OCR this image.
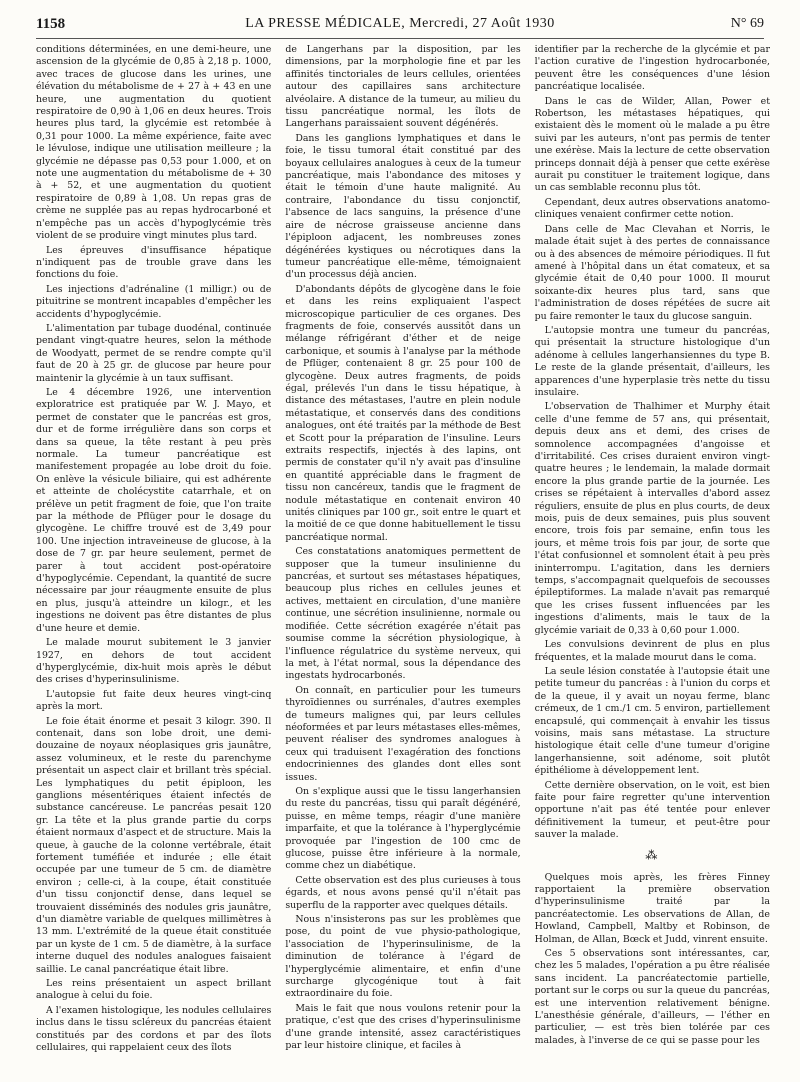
1158	LA PRESSE MÉDICALE, Mercredi, 27 Août 1930	N° 69

conditions déterminées, en une demi-heure, une ascension de la glycémie de 0,85 à 2,18 p. 1000, avec traces de glucose dans les urines, une élévation du métabolisme de + 27 à + 43 en une heure, une augmentation du quotient respiratoire de 0,90 à 1,06 en deux heures. Trois heures plus tard, la glycémie est retombée à 0,31 pour 1000. La même expérience, faite avec le lévulose, indique une utilisation meilleure ; la glycémie ne dépasse pas 0,53 pour 1.000, et on note une augmentation du métabolisme de + 30 à + 52, et une augmentation du quotient respiratoire de 0,89 à 1,08. Un repas gras de crème ne supplée pas au repas hydrocarboné et n'empêche pas un accès d'hypoglycémie très violent de se produire vingt minutes plus tard.

Les épreuves d'insuffisance hépatique n'indiquent pas de trouble grave dans les fonctions du foie.

Les injections d'adrénaline (1 milligr.) ou de pituitrine se montrent incapables d'empêcher les accidents d'hypoglycémie.

L'alimentation par tubage duodénal, continuée pendant vingt-quatre heures, selon la méthode de Woodyatt, permet de se rendre compte qu'il faut de 20 à 25 gr. de glucose par heure pour maintenir la glycémie à un taux suffisant.

Le 4 décembre 1926, une intervention exploratrice est pratiquée par W. J. Mayo, et permet de constater que le pancréas est gros, dur et de forme irrégulière dans son corps et dans sa queue, la tête restant à peu près normale. La tumeur pancréatique est manifestement propagée au lobe droit du foie. On enlève la vésicule biliaire, qui est adhérente et atteinte de cholécystite catarrhale, et on prélève un petit fragment de foie, que l'on traite par la méthode de Pflüger pour le dosage du glycogène. Le chiffre trouvé est de 3,49 pour 100. Une injection intraveineuse de glucose, à la dose de 7 gr. par heure seulement, permet de parer à tout accident post-opératoire d'hypoglycémie. Cependant, la quantité de sucre nécessaire par jour réaugmente ensuite de plus en plus, jusqu'à atteindre un kilogr., et les ingestions ne doivent pas être distantes de plus d'une heure et demie.

Le malade mourut subitement le 3 janvier 1927, en dehors de tout accident d'hyperglycémie, dix-huit mois après le début des crises d'hyperinsulinisme.

L'autopsie fut faite deux heures vingt-cinq après la mort.

Le foie était énorme et pesait 3 kilogr. 390. Il contenait, dans son lobe droit, une demi-douzaine de noyaux néoplasiques gris jaunâtre, assez volumineux, et le reste du parenchyme présentait un aspect clair et brillant très spécial. Les lymphatiques du petit épiploon, les ganglions mésentériques étaient infectés de substance cancéreuse. Le pancréas pesait 120 gr. La tête et la plus grande partie du corps étaient normaux d'aspect et de structure. Mais la queue, à gauche de la colonne vertébrale, était fortement tuméfiée et indurée ; elle était occupée par une tumeur de 5 cm. de diamètre environ ; celle-ci, à la coupe, était constituée d'un tissu conjonctif dense, dans lequel se trouvaient disséminés des nodules gris jaunâtre, d'un diamètre variable de quelques millimètres à 13 mm. L'extrémité de la queue était constituée par un kyste de 1 cm. 5 de diamètre, à la surface interne duquel des nodules analogues faisaient saillie. Le canal pancréatique était libre.

Les reins présentaient un aspect brillant analogue à celui du foie.

A l'examen histologique, les nodules cellulaires inclus dans le tissu scléreux du pancréas étaient constitués par des cordons et par des îlots cellulaires, qui rappelaient ceux des îlots

de Langerhans par la disposition, par les dimensions, par la morphologie fine et par les affinités tinctoriales de leurs cellules, orientées autour des capillaires sans architecture alvéolaire. A distance de la tumeur, au milieu du tissu pancréatique normal, les îlots de Langerhans paraissaient souvent dégénérés.

Dans les ganglions lymphatiques et dans le foie, le tissu tumoral était constitué par des boyaux cellulaires analogues à ceux de la tumeur pancréatique, mais l'abondance des mitoses y était le témoin d'une haute malignité. Au contraire, l'abondance du tissu conjonctif, l'absence de lacs sanguins, la présence d'une aire de nécrose graisseuse ancienne dans l'épiploon adjacent, les nombreuses zones dégénérées kystiques ou nécrotiques dans la tumeur pancréatique elle-même, témoignaient d'un processus déjà ancien.

D'abondants dépôts de glycogène dans le foie et dans les reins expliquaient l'aspect microscopique particulier de ces organes. Des fragments de foie, conservés aussitôt dans un mélange réfrigérant d'éther et de neige carbonique, et soumis à l'analyse par la méthode de Pflüger, contenaient 8 gr. 25 pour 100 de glycogène. Deux autres fragments, de poids égal, prélevés l'un dans le tissu hépatique, à distance des métastases, l'autre en plein nodule métastatique, et conservés dans des conditions analogues, ont été traités par la méthode de Best et Scott pour la préparation de l'insuline. Leurs extraits respectifs, injectés à des lapins, ont permis de constater qu'il n'y avait pas d'insuline en quantité appréciable dans le fragment de tissu non cancéreux, tandis que le fragment de nodule métastatique en contenait environ 40 unités cliniques par 100 gr., soit entre le quart et la moitié de ce que donne habituellement le tissu pancréatique normal.

Ces constatations anatomiques permettent de supposer que la tumeur insulinienne du pancréas, et surtout ses métastases hépatiques, beaucoup plus riches en cellules jeunes et actives, mettaient en circulation, d'une manière continue, une sécrétion insulinienne, normale ou modifiée. Cette sécrétion exagérée n'était pas soumise comme la sécrétion physiologique, à l'influence régulatrice du système nerveux, qui la met, à l'état normal, sous la dépendance des ingestats hydrocarbonés.

On connaît, en particulier pour les tumeurs thyroïdiennes ou surrénales, d'autres exemples de tumeurs malignes qui, par leurs cellules néoformées et par leurs métastases elles-mêmes, peuvent réaliser des syndromes analogues à ceux qui traduisent l'exagération des fonctions endocriniennes des glandes dont elles sont issues.

On s'explique aussi que le tissu langerhansien du reste du pancréas, tissu qui paraît dégénéré, puisse, en même temps, réagir d'une manière imparfaite, et que la tolérance à l'hyperglycémie provoquée par l'ingestion de 100 cmc de glucose, puisse être inférieure à la normale, comme chez un diabétique.

Cette observation est des plus curieuses à tous égards, et nous avons pensé qu'il n'était pas superflu de la rapporter avec quelques détails.

Nous n'insisterons pas sur les problèmes que pose, du point de vue physio-pathologique, l'association de l'hyperinsulinisme, de la diminution de tolérance à l'égard de l'hyperglycémie alimentaire, et enfin d'une surcharge glycogénique tout à fait extraordinaire du foie.

Mais le fait que nous voulons retenir pour la pratique, c'est que des crises d'hyperinsulinisme d'une grande intensité, assez caractéristiques par leur histoire clinique, et faciles à

identifier par la recherche de la glycémie et par l'action curative de l'ingestion hydrocarbonée, peuvent être les conséquences d'une lésion pancréatique localisée.

Dans le cas de Wilder, Allan, Power et Robertson, les métastases hépatiques, qui existaient dès le moment où le malade a pu être suivi par les auteurs, n'ont pas permis de tenter une exérèse. Mais la lecture de cette observation princeps donnait déjà à penser que cette exérèse aurait pu constituer le traitement logique, dans un cas semblable reconnu plus tôt.

Cependant, deux autres observations anatomo-cliniques venaient confirmer cette notion.

Dans celle de Mac Clevahan et Norris, le malade était sujet à des pertes de connaissance ou à des absences de mémoire périodiques. Il fut amené à l'hôpital dans un état comateux, et sa glycémie était de 0,40 pour 1000. Il mourut soixante-dix heures plus tard, sans que l'administration de doses répétées de sucre ait pu faire remonter le taux du glucose sanguin.

L'autopsie montra une tumeur du pancréas, qui présentait la structure histologique d'un adénome à cellules langerhansiennes du type B. Le reste de la glande présentait, d'ailleurs, les apparences d'une hyperplasie très nette du tissu insulaire.

L'observation de Thalhimer et Murphy était celle d'une femme de 57 ans, qui présentait, depuis deux ans et demi, des crises de somnolence accompagnées d'angoisse et d'irritabilité. Ces crises duraient environ vingt-quatre heures ; le lendemain, la malade dormait encore la plus grande partie de la journée. Les crises se répétaient à intervalles d'abord assez réguliers, ensuite de plus en plus courts, de deux mois, puis de deux semaines, puis plus souvent encore, trois fois par semaine, enfin tous les jours, et même trois fois par jour, de sorte que l'état confusionnel et somnolent était à peu près ininterrompu. L'agitation, dans les derniers temps, s'accompagnait quelquefois de secousses épileptiformes. La malade n'avait pas remarqué que les crises fussent influencées par les ingestions d'aliments, mais le taux de la glycémie variait de 0,33 à 0,60 pour 1.000.

Les convulsions devinrent de plus en plus fréquentes, et la malade mourut dans le coma.

La seule lésion constatée à l'autopsie était une petite tumeur du pancréas : à l'union du corps et de la queue, il y avait un noyau ferme, blanc crémeux, de 1 cm./1 cm. 5 environ, partiellement encapsulé, qui commençait à envahir les tissus voisins, mais sans métastase. La structure histologique était celle d'une tumeur d'origine langerhansienne, soit adénome, soit plutôt épithéliome à développement lent.

Cette dernière observation, on le voit, est bien faite pour faire regretter qu'une intervention opportune n'ait pas été tentée pour enlever définitivement la tumeur, et peut-être pour sauver la malade.

⁂

Quelques mois après, les frères Finney rapportaient la première observation d'hyperinsulinisme traité par la pancréatectomie. Les observations de Allan, de Howland, Campbell, Maltby et Robinson, de Holman, de Allan, Bœck et Judd, vinrent ensuite.

Ces 5 observations sont intéressantes, car, chez les 5 malades, l'opération a pu être réalisée sans incident. La pancréatectomie partielle, portant sur le corps ou sur la queue du pancréas, est une intervention relativement bénigne. L'anesthésie générale, d'ailleurs, — l'éther en particulier, — est très bien tolérée par ces malades, à l'inverse de ce qui se passe pour les
